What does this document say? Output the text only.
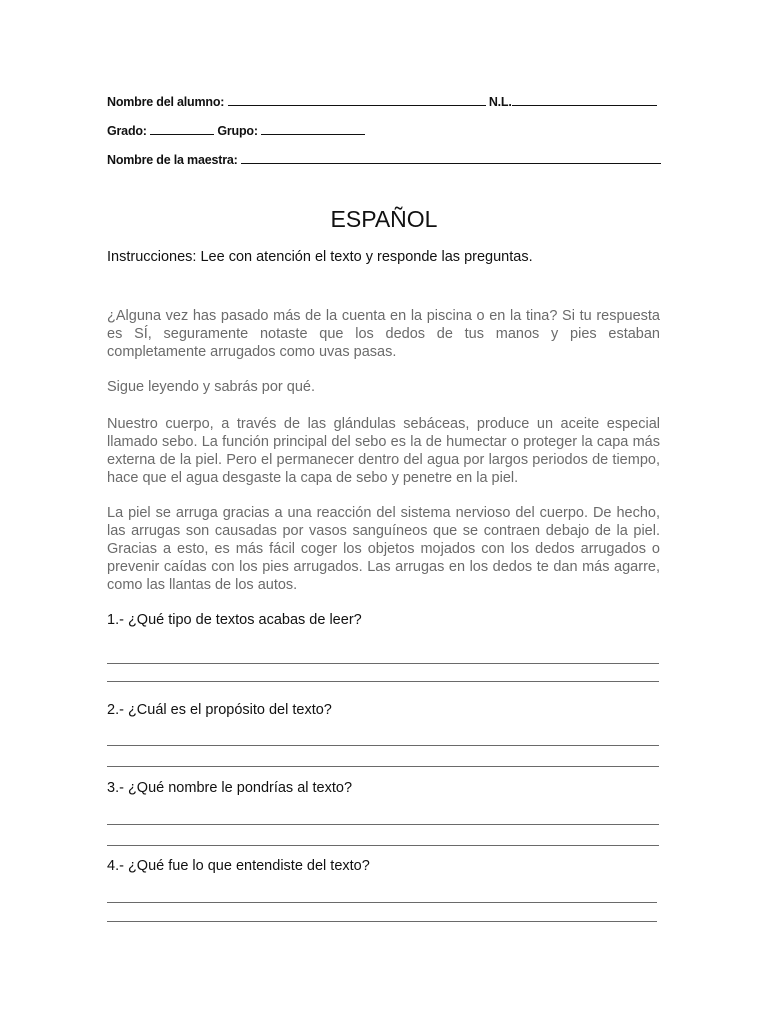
Nombre del alumno:	N.L.
Grado:	Grupo:
Nombre de la maestra:
ESPAÑOL
Instrucciones: Lee con atención el texto y responde las preguntas.
¿Alguna vez has pasado más de la cuenta en la piscina o en la tina? Si tu respuesta es SÍ, seguramente notaste que los dedos de tus manos y pies estaban completamente arrugados como uvas pasas.
Sigue leyendo y sabrás por qué.
Nuestro cuerpo, a través de las glándulas sebáceas, produce un aceite especial llamado sebo. La función principal del sebo es la de humectar o proteger la capa más externa de la piel. Pero el permanecer dentro del agua por largos periodos de tiempo, hace que el agua desgaste la capa de sebo y penetre en la piel.
La piel se arruga gracias a una reacción del sistema nervioso del cuerpo. De hecho, las arrugas son causadas por vasos sanguíneos que se contraen debajo de la piel. Gracias a esto, es más fácil coger los objetos mojados con los dedos arrugados o prevenir caídas con los pies arrugados. Las arrugas en los dedos te dan más agarre, como las llantas de los autos.
1.- ¿Qué tipo de textos acabas de leer?
2.- ¿Cuál es el propósito del texto?
3.- ¿Qué nombre le pondrías al texto?
4.- ¿Qué fue lo que entendiste del texto?
